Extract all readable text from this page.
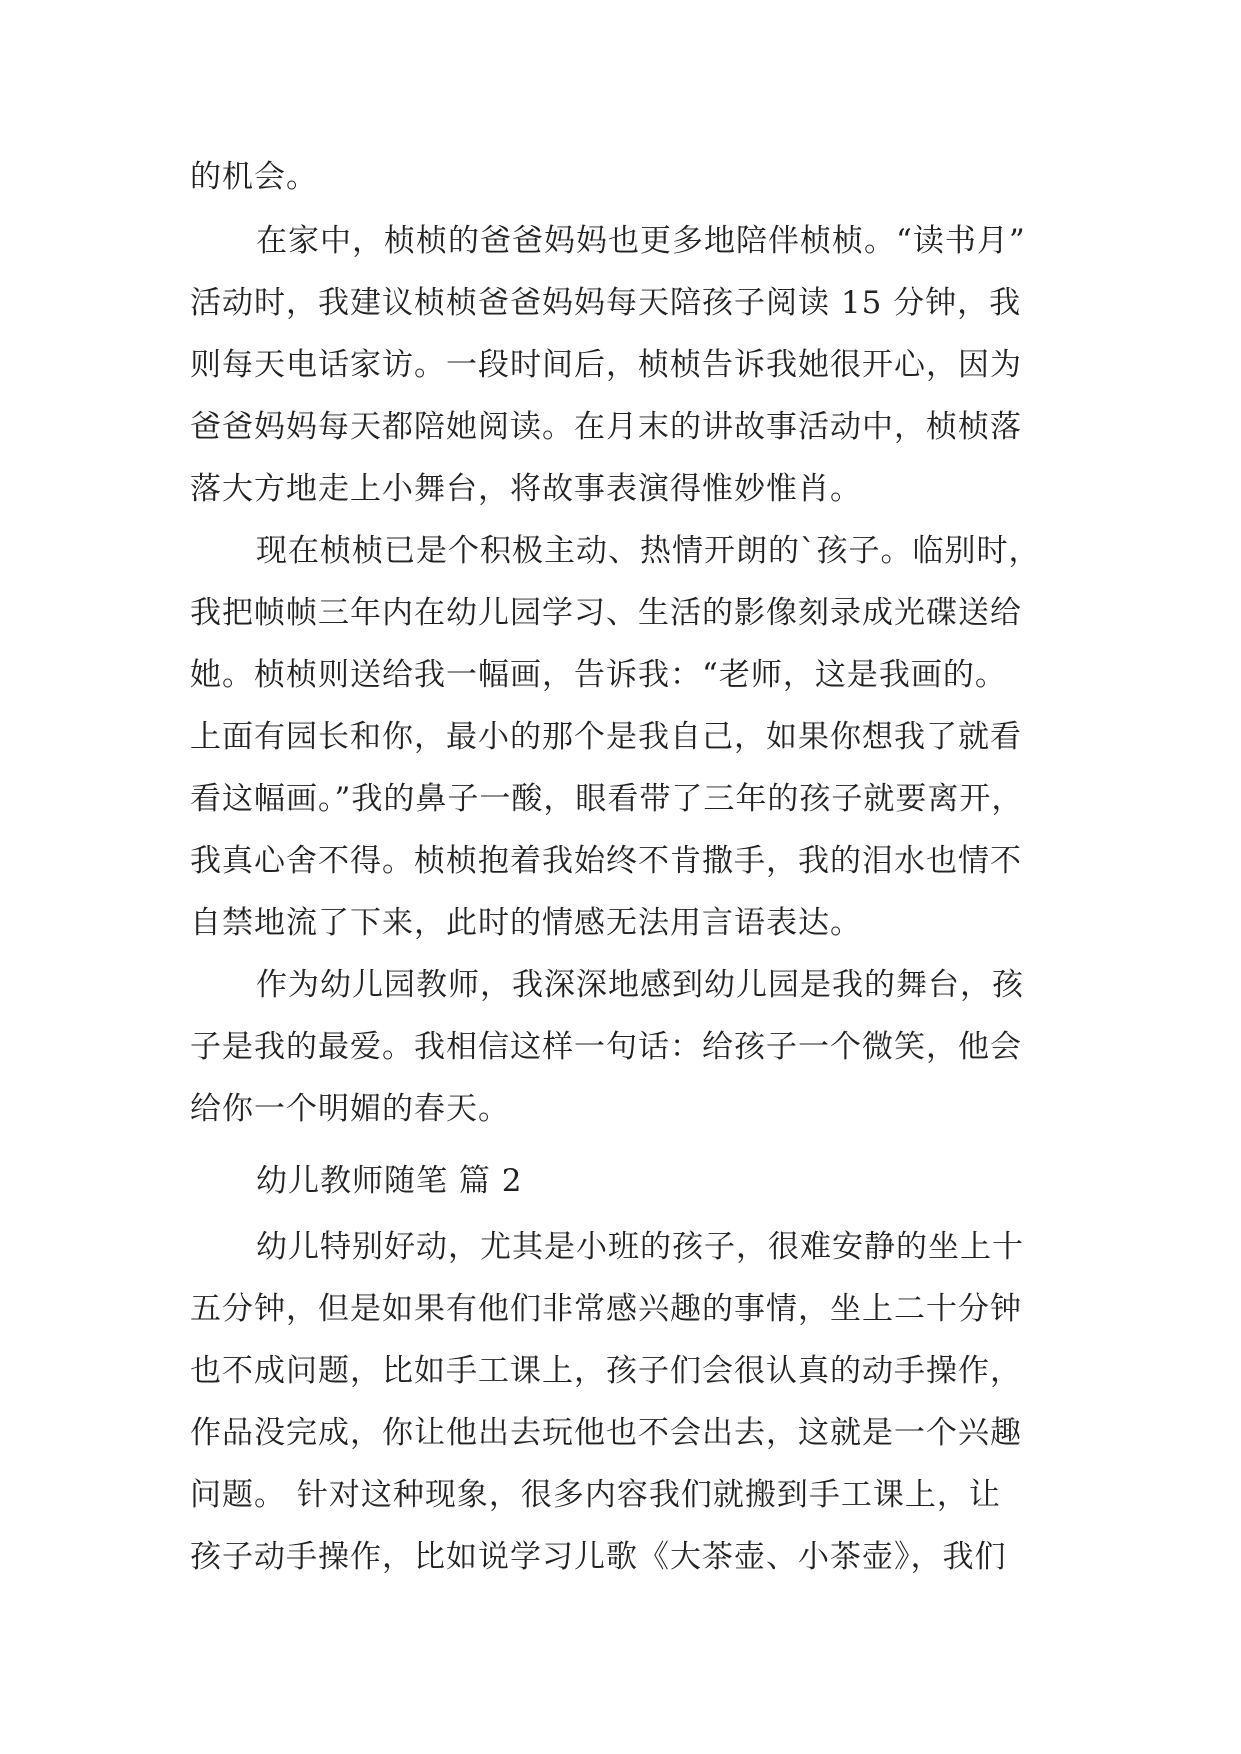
的机会。
在家中，桢桢的爸爸妈妈也更多地陪伴桢桢。“读书月”
活动时，我建议桢桢爸爸妈妈每天陪孩子阅读 15 分钟，我
则每天电话家访。一段时间后，桢桢告诉我她很开心，因为
爸爸妈妈每天都陪她阅读。在月末的讲故事活动中，桢桢落
落大方地走上小舞台，将故事表演得惟妙惟肖。
现在桢桢已是个积极主动、热情开朗的`孩子。临别时，
我把帧帧三年内在幼儿园学习、生活的影像刻录成光碟送给
她。桢桢则送给我一幅画，告诉我：“老师，这是我画的。
上面有园长和你，最小的那个是我自己，如果你想我了就看
看这幅画。”我的鼻子一酸，眼看带了三年的孩子就要离开，
我真心舍不得。桢桢抱着我始终不肯撒手，我的泪水也情不
自禁地流了下来，此时的情感无法用言语表达。
作为幼儿园教师，我深深地感到幼儿园是我的舞台，孩
子是我的最爱。我相信这样一句话：给孩子一个微笑，他会
给你一个明媚的春天。
幼儿教师随笔 篇 2
幼儿特别好动，尤其是小班的孩子，很难安静的坐上十
五分钟，但是如果有他们非常感兴趣的事情，坐上二十分钟
也不成问题，比如手工课上，孩子们会很认真的动手操作，
作品没完成，你让他出去玩他也不会出去，这就是一个兴趣
问题。 针对这种现象，很多内容我们就搬到手工课上，让
孩子动手操作，比如说学习儿歌《大茶壶、小茶壶》，我们
